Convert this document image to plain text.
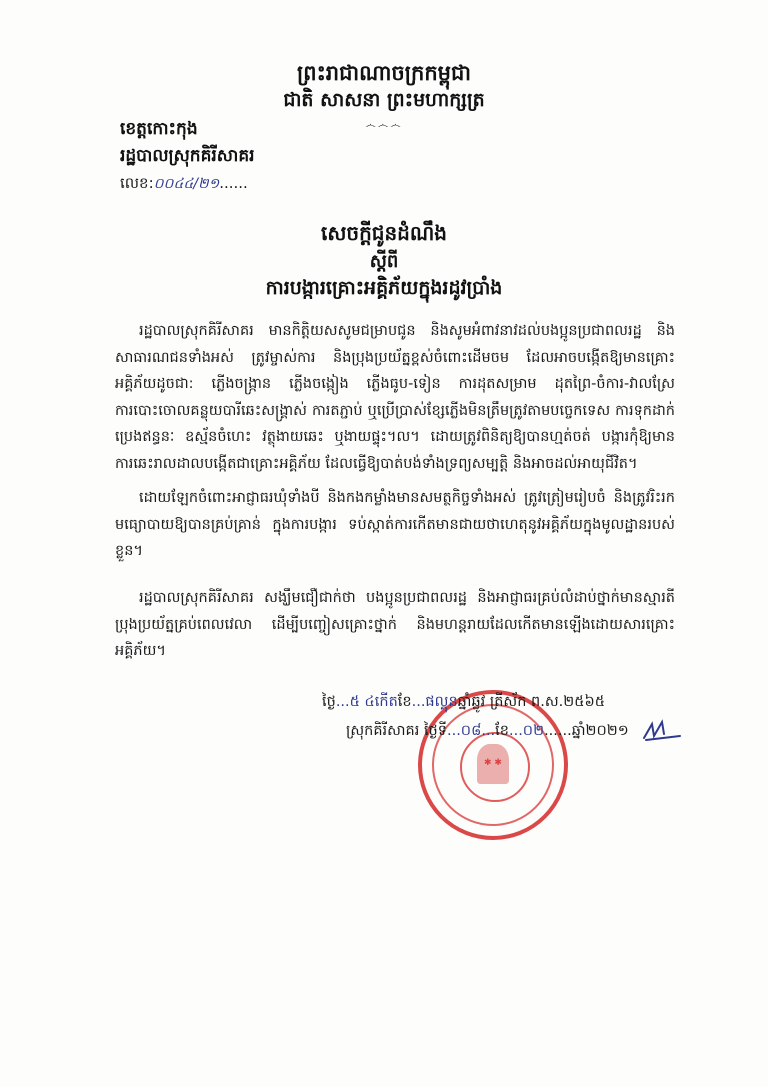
ព្រះរាជាណាចក្រកម្ពុជា
ជាតិ សាសនា ព្រះមហាក្សត្រ
෴෴෴
ខេត្តកោះកុង
រដ្ឋបាលស្រុកគិរីសាគរ
លេខ:០០៤៤/២១......
សេចក្តីជូនដំណឹង
ស្តីពី
ការបង្ការគ្រោះអគ្គិភ័យក្នុងរដូវប្រាំង

រដ្ឋបាលស្រុកគិរីសាគរ មានកិត្តិយសសូមជម្រាបជូន និងសូមអំពាវនាវដល់បងប្អូនប្រជាពលរដ្ឋ និងសាធារណជនទាំងអស់ ត្រូវម្ចាស់ការ និងប្រុងប្រយ័ត្នខ្ពស់ចំពោះដើមចម ដែលអាចបង្កើតឱ្យមានគ្រោះអគ្គិភ័យដូចជា: ភ្លើងចង្ក្រាន ភ្លើងចង្កៀង ភ្លើងធូប-ទៀន ការដុតសម្រាម ដុតព្រៃ-ចំការ-វាលស្រែ ការបោះចោលគន្លុយបារីឆេះសង្គ្រាស់ ការតភ្ជាប់ ឬប្រើប្រាស់ខ្សែភ្លើងមិនត្រឹមត្រូវតាមបច្ចេកទេស ការទុកដាក់ប្រេងឥន្ធនៈ ឧស្ម័នចំហេះ វត្ថុងាយឆេះ ឬងាយផ្ទុះ។ល។ ដោយត្រូវពិនិត្យឱ្យបានហ្មត់ចត់ បង្ការកុំឱ្យមានការឆេះរាលដាលបង្កើតជាគ្រោះអគ្គិភ័យ ដែលធ្វើឱ្យបាត់បង់ទាំងទ្រព្យសម្បត្តិ និងអាចដល់អាយុជីវិត។

ដោយឡែកចំពោះអាជ្ញាធរឃុំទាំងបី និងកងកម្លាំងមានសមត្ថកិច្ចទាំងអស់ ត្រូវត្រៀមរៀបចំ និងត្រូវរិះរកមធ្យោបាយឱ្យបានគ្រប់គ្រាន់ ក្នុងការបង្ការ ទប់ស្កាត់ការកើតមានជាយថាហេតុនូវអគ្គិភ័យក្នុងមូលដ្ឋានរបស់ខ្លួន។

រដ្ឋបាលស្រុកគិរីសាគរ សង្ឃឹមជឿជាក់ថា បងប្អូនប្រជាពលរដ្ឋ និងអាជ្ញាធរគ្រប់លំដាប់ថ្នាក់មានស្មារតីប្រុងប្រយ័ត្នគ្រប់ពេលវេលា ដើម្បីបញ្ចៀសគ្រោះថ្នាក់ និងមហន្តរាយដែលកើតមានឡើងដោយសារគ្រោះអគ្គិភ័យ។

✱ ✱
ថ្ងៃ...៥ ៤កើតខែ...ផល្គុនឆ្នាំឆ្លូវ ត្រីស័ក ព.ស.២៥៦៥
ស្រុកគិរីសាគរ ថ្ងៃទី...០៨...ខែ...០២......ឆ្នាំ២០២១
